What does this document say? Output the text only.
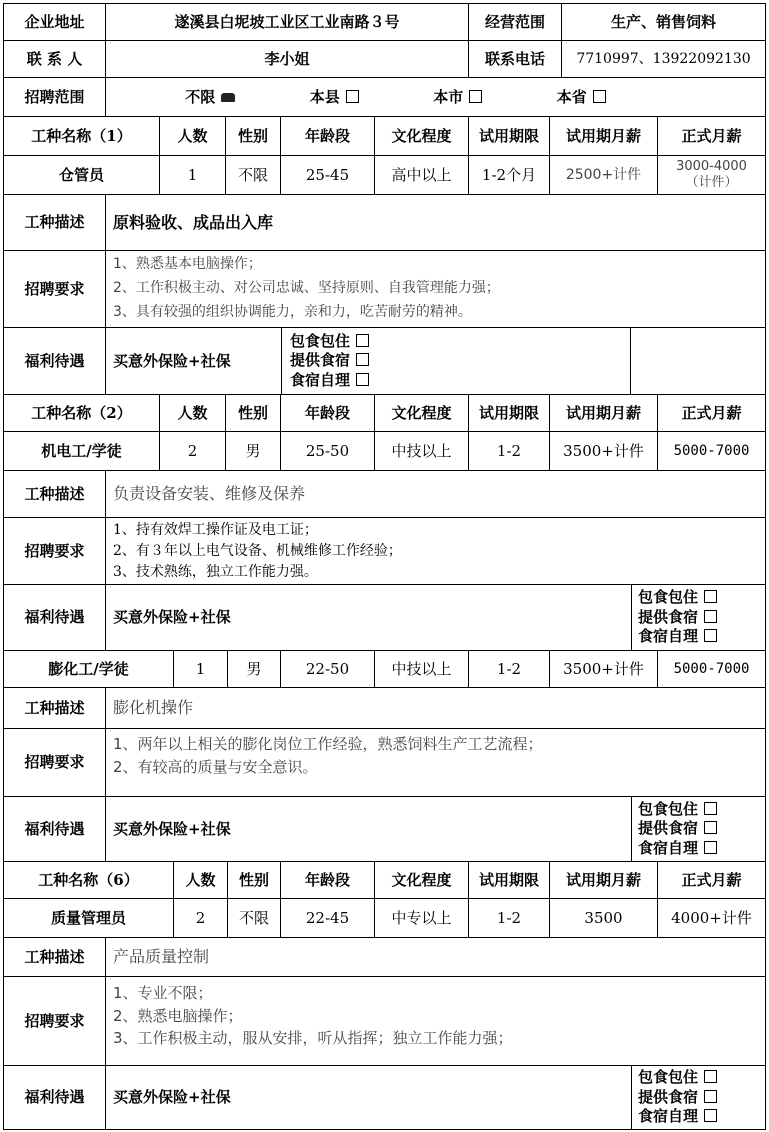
企业地址	遂溪县白坭坡工业区工业南路３号	经营范围	生产、销售饲料
联 系 人	李小姐	联系电话	7710997、13922092130
招聘范围	不限	本县	本市	本省
工种名称（1）	人数	性别	年龄段	文化程度	试用期限	试用期月薪	正式月薪
仓管员	1	不限	25-45	高中以上	1-2个月	2500+计件	3000-4000
（计件）
工种描述	原料验收、成品出入库
招聘要求
1、熟悉基本电脑操作；
2、工作积极主动、对公司忠诚、坚持原则、自我管理能力强；
3、具有较强的组织协调能力，亲和力，吃苦耐劳的精神。
福利待遇	买意外保险+社保
包食包住
提供食宿
食宿自理
工种名称（2）	人数	性别	年龄段	文化程度	试用期限	试用期月薪	正式月薪
机电工/学徒	2	男	25-50	中技以上	1-2	3500+计件	5000-7000
工种描述	负责设备安装、维修及保养
招聘要求
1、持有效焊工操作证及电工证；
2、有３年以上电气设备、机械维修工作经验；
3、技术熟练，独立工作能力强。
福利待遇	买意外保险+社保
包食包住
提供食宿
食宿自理
膨化工/学徒	1	男	22-50	中技以上	1-2	3500+计件	5000-7000
工种描述	膨化机操作
招聘要求
1、两年以上相关的膨化岗位工作经验，熟悉饲料生产工艺流程；
2、有较高的质量与安全意识。
福利待遇	买意外保险+社保
包食包住
提供食宿
食宿自理
工种名称（6）	人数	性别	年龄段	文化程度	试用期限	试用期月薪	正式月薪
质量管理员	2	不限	22-45	中专以上	1-2	3500	4000+计件
工种描述	产品质量控制
招聘要求
1、专业不限；
2、熟悉电脑操作；
3、工作积极主动，服从安排，听从指挥；独立工作能力强；
福利待遇	买意外保险+社保
包食包住
提供食宿
食宿自理
